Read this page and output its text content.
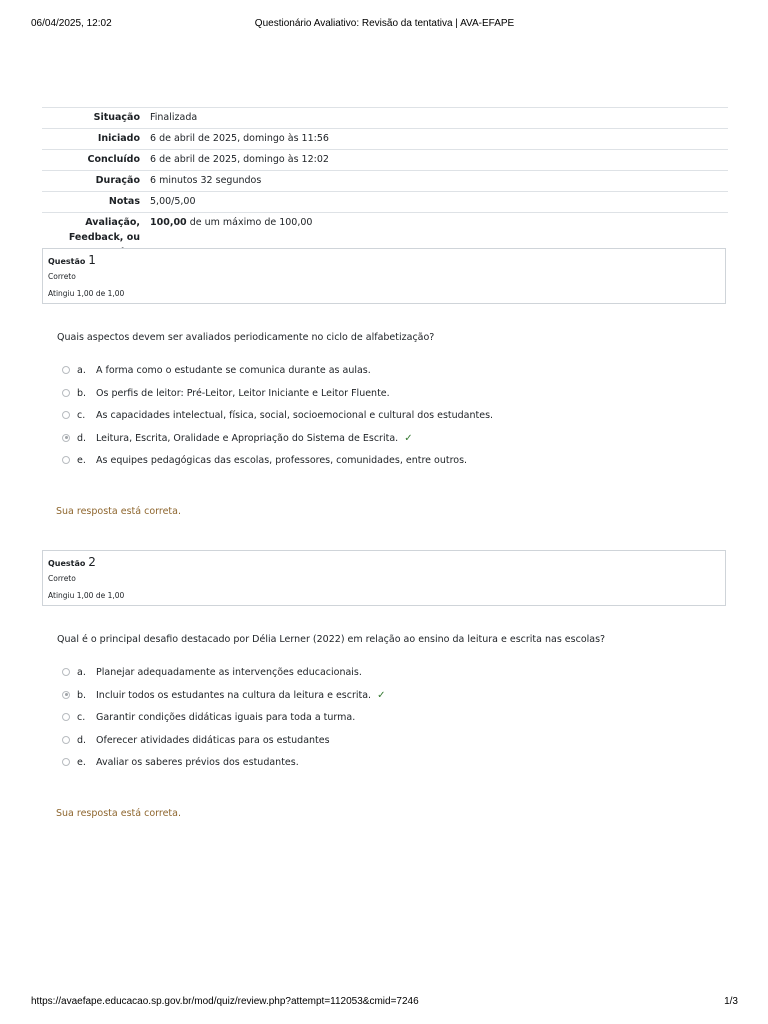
06/04/2025, 12:02	Questionário Avaliativo: Revisão da tentativa | AVA-EFAPE
Situação	Finalizada
Iniciado	6 de abril de 2025, domingo às 11:56
Concluído	6 de abril de 2025, domingo às 12:02
Duração	6 minutos 32 segundos
Notas	5,00/5,00
Avaliação,
Feedback, ou	100,00 de um máximo de 100,00
Questão 1
Correto
Atingiu 1,00 de 1,00
Quais aspectos devem ser avaliados periodicamente no ciclo de alfabetização?
a. A forma como o estudante se comunica durante as aulas.
b. Os perfis de leitor: Pré-Leitor, Leitor Iniciante e Leitor Fluente.
c. As capacidades intelectual, física, social, socioemocional e cultural dos estudantes.
d. Leitura, Escrita, Oralidade e Apropriação do Sistema de Escrita. ✓
e. As equipes pedagógicas das escolas, professores, comunidades, entre outros.
Sua resposta está correta.
Questão 2
Correto
Atingiu 1,00 de 1,00
Qual é o principal desafio destacado por Délia Lerner (2022) em relação ao ensino da leitura e escrita nas escolas?
a. Planejar adequadamente as intervenções educacionais.
b. Incluir todos os estudantes na cultura da leitura e escrita. ✓
c. Garantir condições didáticas iguais para toda a turma.
d. Oferecer atividades didáticas para os estudantes
e. Avaliar os saberes prévios dos estudantes.
Sua resposta está correta.
https://avaefape.educacao.sp.gov.br/mod/quiz/review.php?attempt=112053&cmid=7246	1/3
